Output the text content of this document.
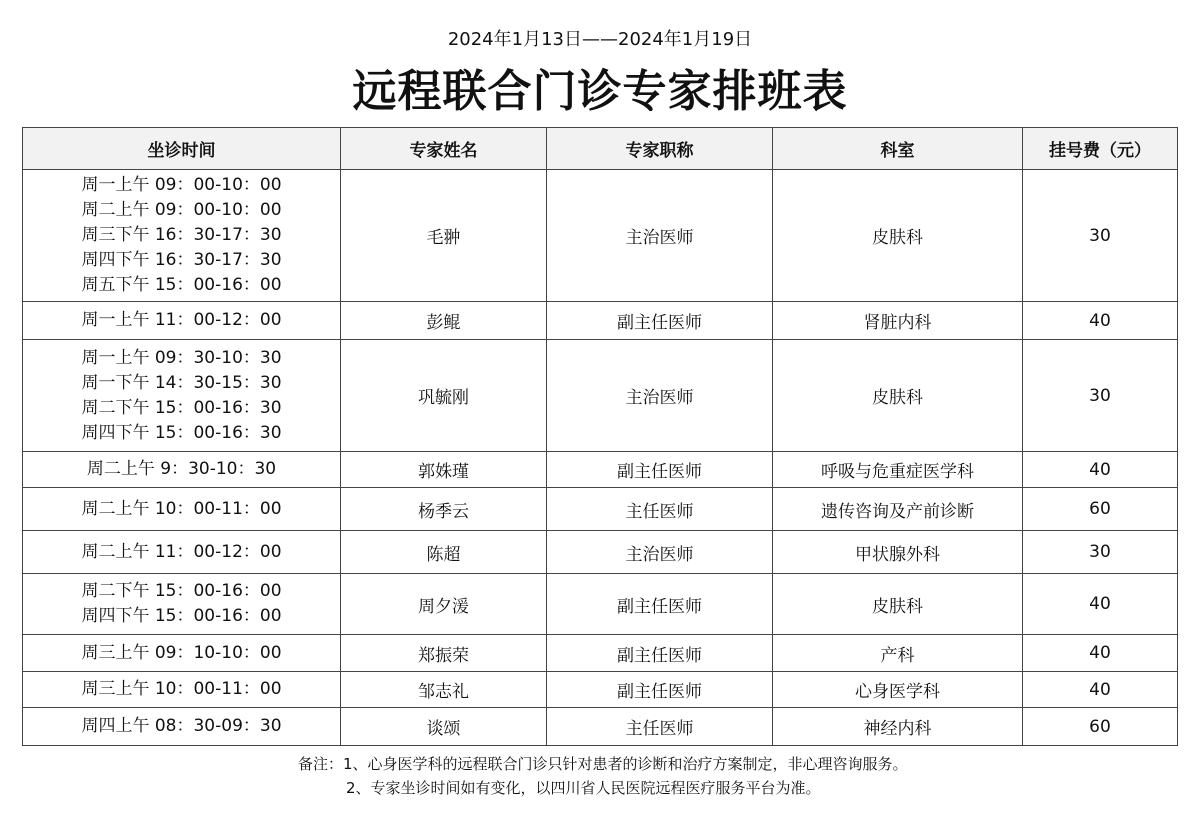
2024年1月13日——2024年1月19日
远程联合门诊专家排班表
坐诊时间	专家姓名	专家职称	科室	挂号费（元）

周一上午 09：00-10：00
周二上午 09：00-10：00
周三下午 16：30-17：30
周四下午 16：30-17：30
周五下午 15：00-16：00	毛翀	主治医师	皮肤科	30

周一上午 11：00-12：00	彭鲲	副主任医师	肾脏内科	40

周一上午 09：30-10：30
周一下午 14：30-15：30
周二下午 15：00-16：30
周四下午 15：00-16：30	巩毓刚	主治医师	皮肤科	30

周二上午 9：30-10：30	郭姝瑾	副主任医师	呼吸与危重症医学科	40

周二上午 10：00-11：00	杨季云	主任医师	遗传咨询及产前诊断	60

周二上午 11：00-12：00	陈超	主治医师	甲状腺外科	30

周二下午 15：00-16：00
周四下午 15：00-16：00	周夕湲	副主任医师	皮肤科	40

周三上午 09：10-10：00	郑振荣	副主任医师	产科	40

周三上午 10：00-11：00	邹志礼	副主任医师	心身医学科	40

周四上午 08：30-09：30	谈颂	主任医师	神经内科	60
备注：1、心身医学科的远程联合门诊只针对患者的诊断和治疗方案制定，非心理咨询服务。
2、专家坐诊时间如有变化，以四川省人民医院远程医疗服务平台为准。
